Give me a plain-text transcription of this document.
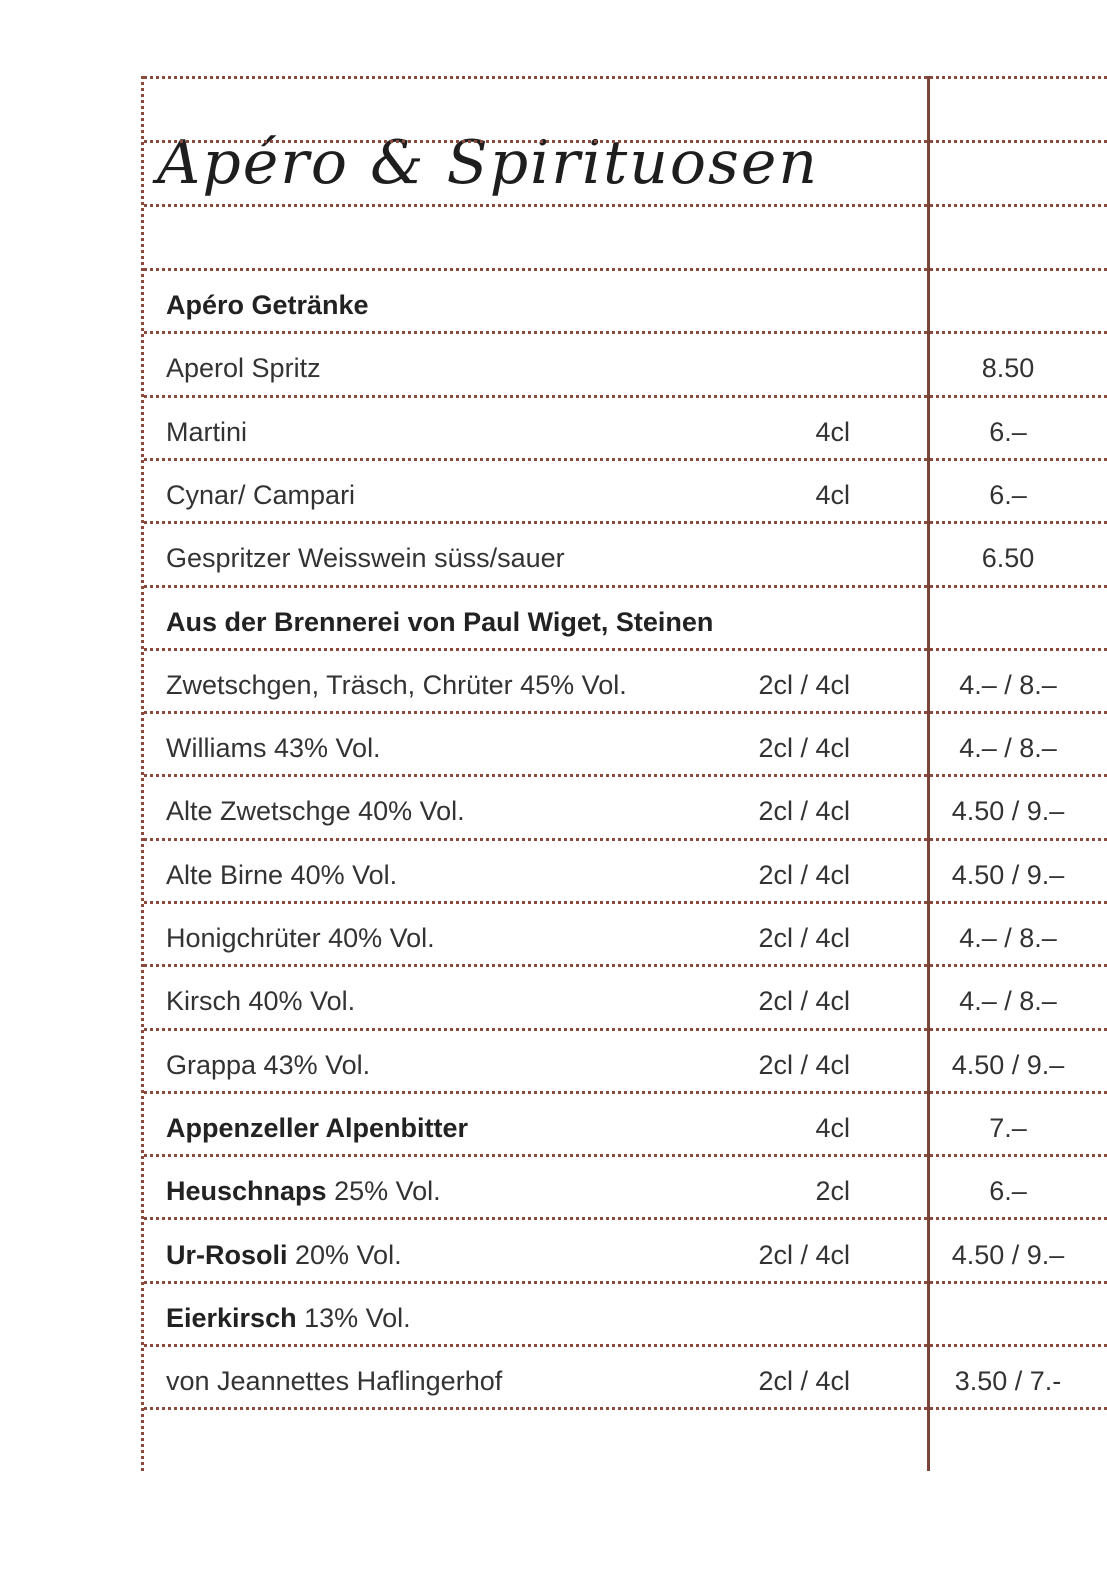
Apéro & Spirituosen
Apéro Getränke
Aperol Spritz	8.50
Martini	4cl	6.–
Cynar/ Campari	4cl	6.–
Gespritzer Weisswein süss/sauer	6.50
Aus der Brennerei von Paul Wiget, Steinen
Zwetschgen, Träsch, Chrüter 45% Vol.	2cl / 4cl	4.– / 8.–
Williams 43% Vol.	2cl / 4cl	4.– / 8.–
Alte Zwetschge 40% Vol.	2cl / 4cl	4.50 / 9.–
Alte Birne 40% Vol.	2cl / 4cl	4.50 / 9.–
Honigchrüter 40% Vol.	2cl / 4cl	4.– / 8.–
Kirsch 40% Vol.	2cl / 4cl	4.– / 8.–
Grappa 43% Vol.	2cl / 4cl	4.50 / 9.–
Appenzeller Alpenbitter	4cl	7.–
Heuschnaps 25% Vol.	2cl	6.–
Ur-Rosoli 20% Vol.	2cl / 4cl	4.50 / 9.–
Eierkirsch 13% Vol.
von Jeannettes Haflingerhof	2cl / 4cl	3.50 / 7.-
